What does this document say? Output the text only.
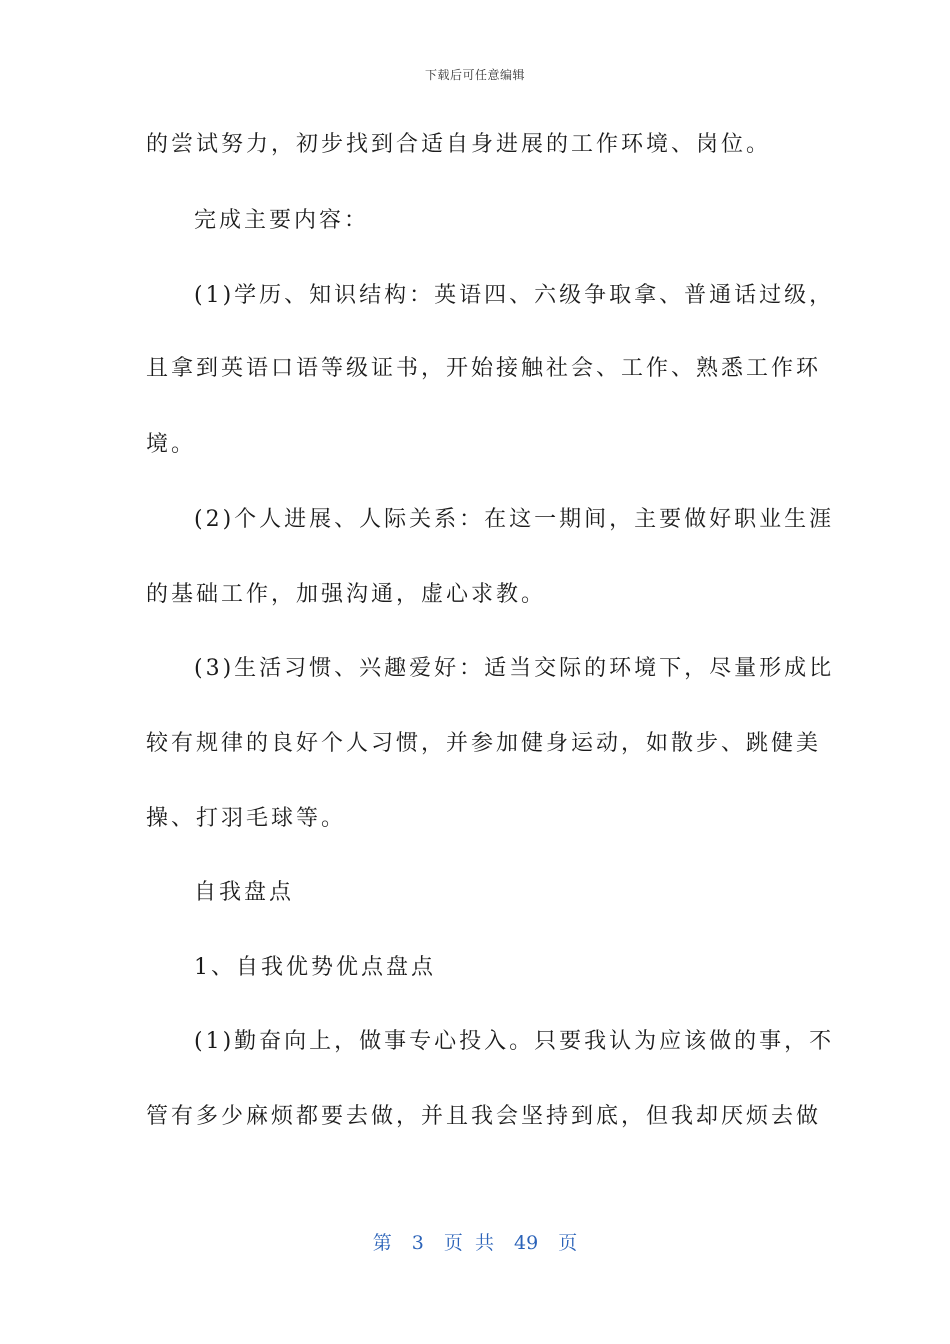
下载后可任意编辑
的尝试努力，初步找到合适自身进展的工作环境、岗位。
完成主要内容：
(1)学历、知识结构：英语四、六级争取拿、普通话过级，
且拿到英语口语等级证书，开始接触社会、工作、熟悉工作环
境。
(2)个人进展、人际关系：在这一期间，主要做好职业生涯
的基础工作，加强沟通，虚心求教。
(3)生活习惯、兴趣爱好：适当交际的环境下，尽量形成比
较有规律的良好个人习惯，并参加健身运动，如散步、跳健美
操、打羽毛球等。
自我盘点
1、自我优势优点盘点
(1)勤奋向上，做事专心投入。只要我认为应该做的事，不
管有多少麻烦都要去做，并且我会坚持到底，但我却厌烦去做
第 3 页 共 49 页
